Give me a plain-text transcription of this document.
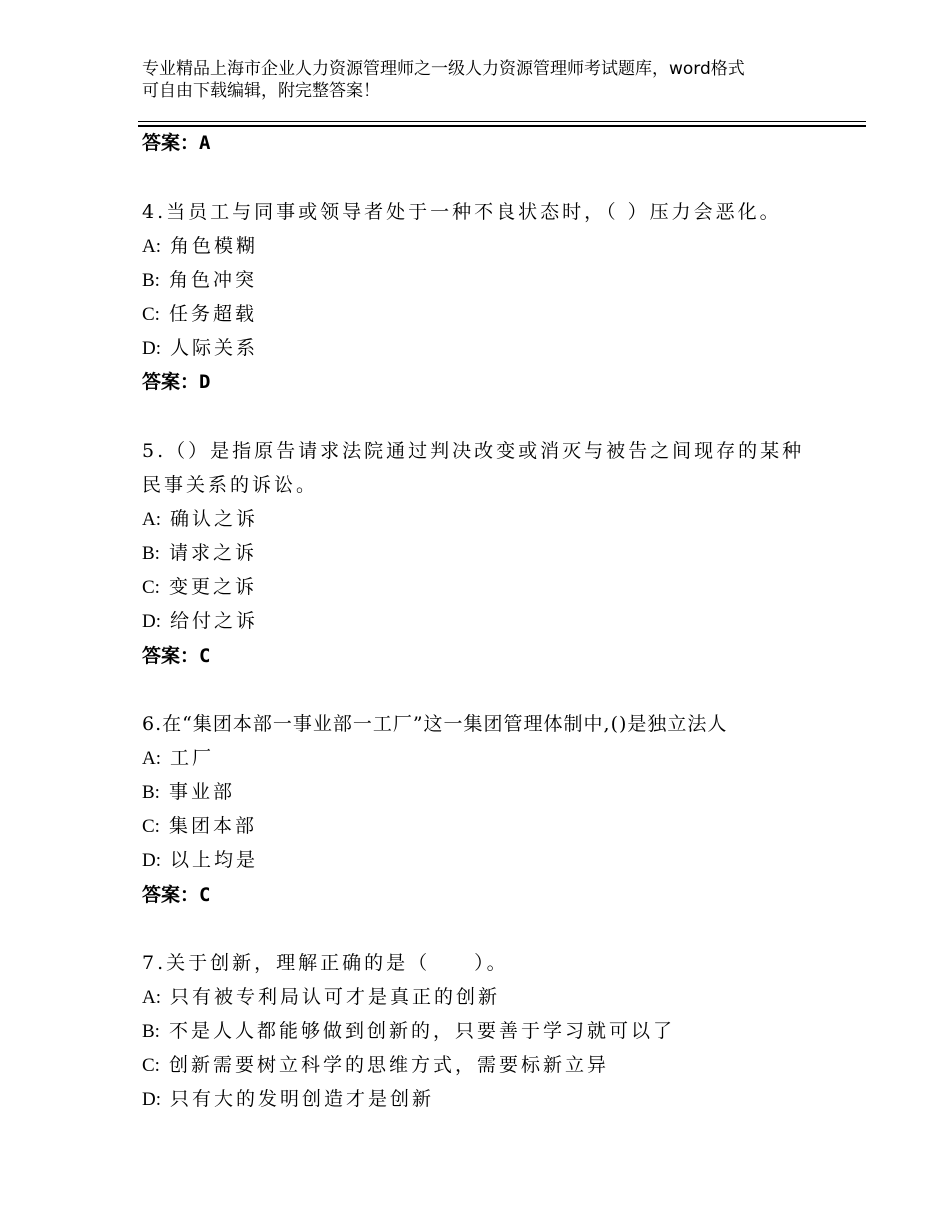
专业精品上海市企业人力资源管理师之一级人力资源管理师考试题库，word格式
可自由下载编辑，附完整答案！
答案：A
4.当员工与同事或领导者处于一种不良状态时，（ ）压力会恶化。
A: 角色模糊
B: 角色冲突
C: 任务超载
D: 人际关系
答案：D
5.（）是指原告请求法院通过判决改变或消灭与被告之间现存的某种
民事关系的诉讼。
A: 确认之诉
B: 请求之诉
C: 变更之诉
D: 给付之诉
答案：C
6.在“集团本部一事业部一工厂”这一集团管理体制中,()是独立法人
A: 工厂
B: 事业部
C: 集团本部
D: 以上均是
答案：C
7.关于创新，理解正确的是（　　）。
A: 只有被专利局认可才是真正的创新
B: 不是人人都能够做到创新的，只要善于学习就可以了
C: 创新需要树立科学的思维方式，需要标新立异
D: 只有大的发明创造才是创新
